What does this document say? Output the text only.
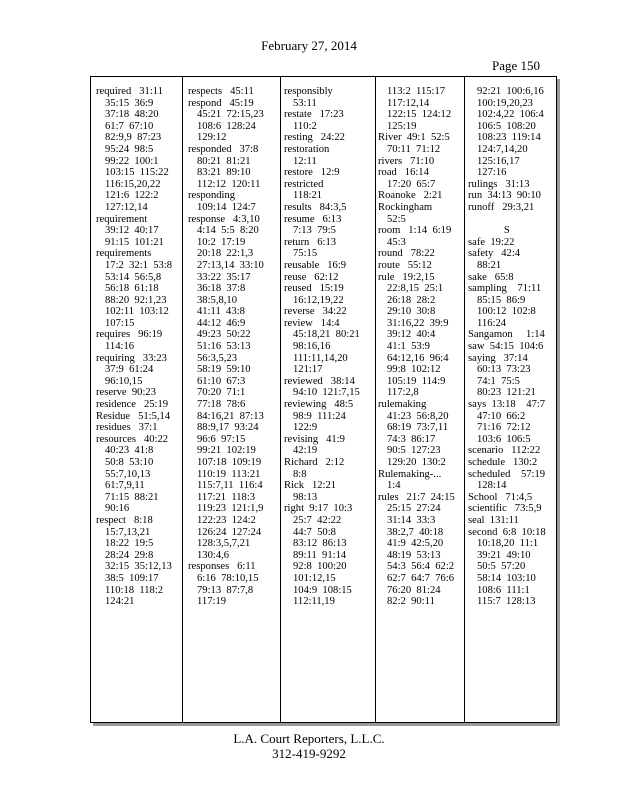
February 27, 2014
Page 150
required   31:11
35:15  36:9
37:18  48:20
61:7  67:10
82:9,9  87:23
95:24  98:5
99:22  100:1
103:15  115:22
116:15,20,22
121:6  122:2
127:12,14
requirement
39:12  40:17
91:15  101:21
requirements
17:2  32:1  53:8
53:14  56:5,8
56:18  61:18
88:20  92:1,23
102:11  103:12
107:15
requires   96:19
114:16
requiring   33:23
37:9  61:24
96:10,15
reserve  90:23
residence   25:19
Residue   51:5,14
residues   37:1
resources   40:22
40:23  41:8
50:8  53:10
55:7,10,13
61:7,9,11
71:15  88:21
90:16
respect   8:18
15:7,13,21
18:22  19:5
28:24  29:8
32:15  35:12,13
38:5  109:17
110:18  118:2
124:21
respects   45:11
respond   45:19
45:21  72:15,23
108:6  128:24
129:12
responded   37:8
80:21  81:21
83:21  89:10
112:12  120:11
responding
109:14  124:7
response   4:3,10
4:14  5:5  8:20
10:2  17:19
20:18  22:1,3
27:13,14  33:10
33:22  35:17
36:18  37:8
38:5,8,10
41:11  43:8
44:12  46:9
49:23  50:22
51:16  53:13
56:3,5,23
58:19  59:10
61:10  67:3
70:20  71:1
77:18  78:6
84:16,21  87:13
88:9,17  93:24
96:6  97:15
99:21  102:19
107:18  109:19
110:19  113:21
115:7,11  116:4
117:21  118:3
119:23  121:1,9
122:23  124:2
126:24  127:24
128:3,5,7,21
130:4,6
responses   6:11
6:16  78:10,15
79:13  87:7,8
117:19
responsibly
53:11
restate   17:23
110:2
resting   24:22
restoration
12:11
restore   12:9
restricted
118:21
results   84:3,5
resume   6:13
7:13  79:5
return   6:13
75:15
reusable   16:9
reuse   62:12
reused   15:19
16:12,19,22
reverse   34:22
review   14:4
45:18,21  80:21
98:16,16
111:11,14,20
121:17
reviewed   38:14
94:10  121:7,15
reviewing   48:5
98:9  111:24
122:9
revising   41:9
42:19
Richard   2:12
8:8
Rick   12:21
98:13
right  9:17  10:3
25:7  42:22
44:7  50:8
83:12  86:13
89:11  91:14
92:8  100:20
101:12,15
104:9  108:15
112:11,19
113:2  115:17
117:12,14
122:15  124:12
125:19
River  49:1  52:5
70:11  71:12
rivers   71:10
road   16:14
17:20  65:7
Roanoke   2:21
Rockingham
52:5
room   1:14  6:19
45:3
round   78:22
route   55:12
rule   19:2,15
22:8,15  25:1
26:18  28:2
29:10  30:8
31:16,22  39:9
39:12  40:4
41:1  53:9
64:12,16  96:4
99:8  102:12
105:19  114:9
117:2,8
rulemaking
41:23  56:8,20
68:19  73:7,11
74:3  86:17
90:5  127:23
129:20  130:2
Rulemaking-...
1:4
rules   21:7  24:15
25:15  27:24
31:14  33:3
38:2,7  40:18
41:9  42:5,20
48:19  53:13
54:3  56:4  62:2
62:7  64:7  76:6
76:20  81:24
82:2  90:11
92:21  100:6,16
100:19,20,23
102:4,22  106:4
106:5  108:20
108:23  119:14
124:7,14,20
125:16,17
127:16
rulings   31:13
run  34:13  90:10
runoff   29:3,21
S
safe  19:22
safety   42:4
88:21
sake   65:8
sampling    71:11
85:15  86:9
100:12  102:8
116:24
Sangamon     1:14
saw  54:15  104:6
saying   37:14
60:13  73:23
74:1  75:5
80:23  121:21
says  13:18    47:7
47:10  66:2
71:16  72:12
103:6  106:5
scenario   112:22
schedule   130:2
scheduled    57:19
128:14
School   71:4,5
scientific   73:5,9
seal  131:11
second  6:8  10:18
10:18,20  11:1
39:21  49:10
50:5  57:20
58:14  103:10
108:6  111:1
115:7  128:13
L.A. Court Reporters, L.L.C.
312-419-9292
